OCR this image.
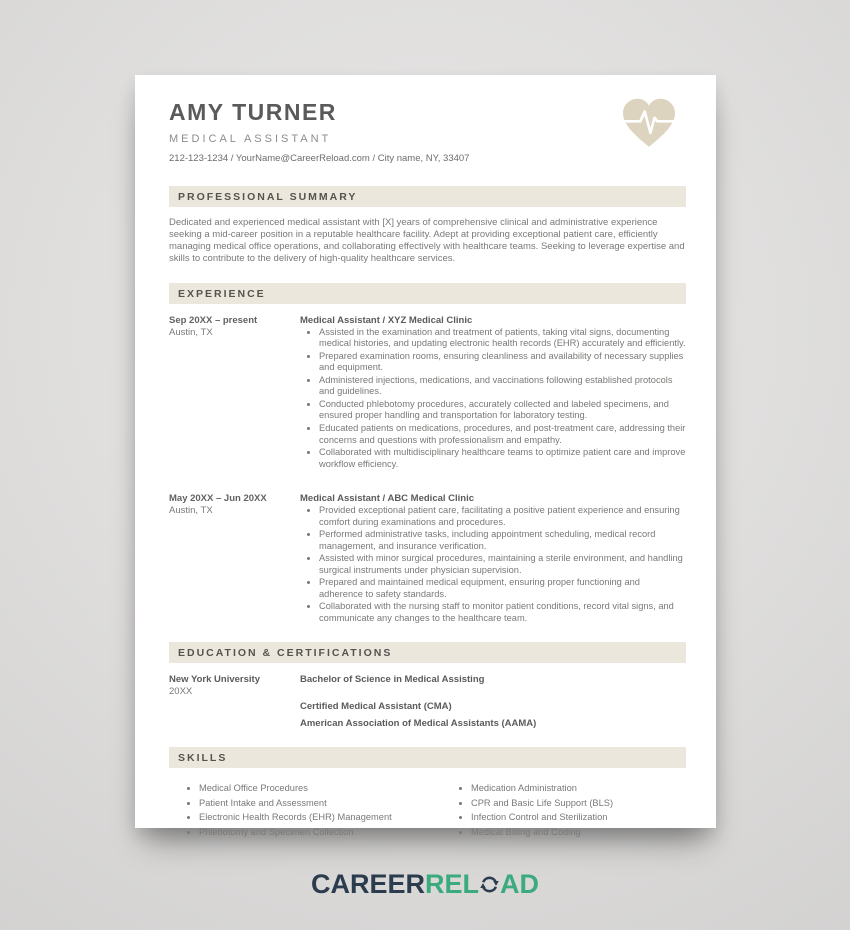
AMY TURNER
MEDICAL ASSISTANT
212-123-1234 / YourName@CareerReload.com / City name, NY, 33407
PROFESSIONAL SUMMARY
Dedicated and experienced medical assistant with [X] years of comprehensive clinical and administrative experience seeking a mid-career position in a reputable healthcare facility. Adept at providing exceptional patient care, efficiently managing medical office operations, and collaborating effectively with healthcare teams. Seeking to leverage expertise and skills to contribute to the delivery of high-quality healthcare services.
EXPERIENCE
Sep 20XX – present
Austin, TX
Medical Assistant / XYZ Medical Clinic
• Assisted in the examination and treatment of patients, taking vital signs, documenting medical histories, and updating electronic health records (EHR) accurately and efficiently.
• Prepared examination rooms, ensuring cleanliness and availability of necessary supplies and equipment.
• Administered injections, medications, and vaccinations following established protocols and guidelines.
• Conducted phlebotomy procedures, accurately collected and labeled specimens, and ensured proper handling and transportation for laboratory testing.
• Educated patients on medications, procedures, and post-treatment care, addressing their concerns and questions with professionalism and empathy.
• Collaborated with multidisciplinary healthcare teams to optimize patient care and improve workflow efficiency.
May 20XX – Jun 20XX
Austin, TX
Medical Assistant / ABC Medical Clinic
• Provided exceptional patient care, facilitating a positive patient experience and ensuring comfort during examinations and procedures.
• Performed administrative tasks, including appointment scheduling, medical record management, and insurance verification.
• Assisted with minor surgical procedures, maintaining a sterile environment, and handling surgical instruments under physician supervision.
• Prepared and maintained medical equipment, ensuring proper functioning and adherence to safety standards.
• Collaborated with the nursing staff to monitor patient conditions, record vital signs, and communicate any changes to the healthcare team.
EDUCATION & CERTIFICATIONS
New York University
20XX
Bachelor of Science in Medical Assisting
Certified Medical Assistant (CMA)
American Association of Medical Assistants (AAMA)
SKILLS
• Medical Office Procedures
• Patient Intake and Assessment
• Electronic Health Records (EHR) Management
• Phlebotomy and Specimen Collection
• Medication Administration
• CPR and Basic Life Support (BLS)
• Infection Control and Sterilization
• Medical Billing and Coding
CAREERREL AD
